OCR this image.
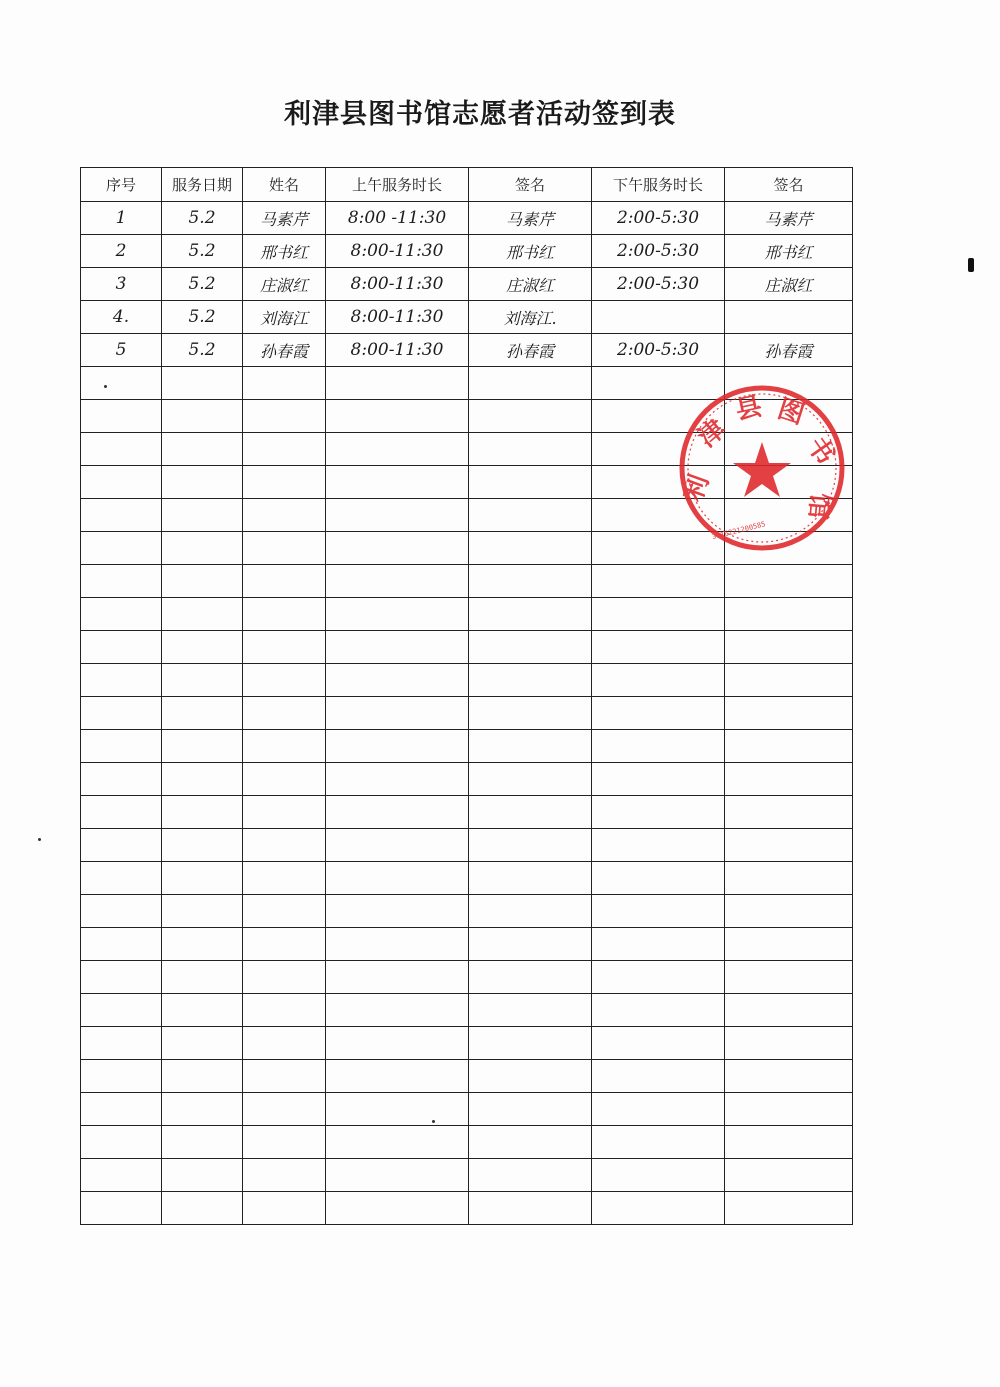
利津县图书馆志愿者活动签到表
序号	服务日期	姓名	上午服务时长	签名	下午服务时长	签名
1	5.2	马素芹	8:00 -11:30	马素芹	2:00-5:30	马素芹
2	5.2	邢书红	8:00-11:30	邢书红	2:00-5:30	邢书红
3	5.2	庄淑红	8:00-11:30	庄淑红	2:00-5:30	庄淑红
4.	5.2	刘海江	8:00-11:30	刘海江.		
5	5.2	孙春霞	8:00-11:30	孙春霞	2:00-5:30	孙春霞

利
津
县 图
书
馆
3716221200585
